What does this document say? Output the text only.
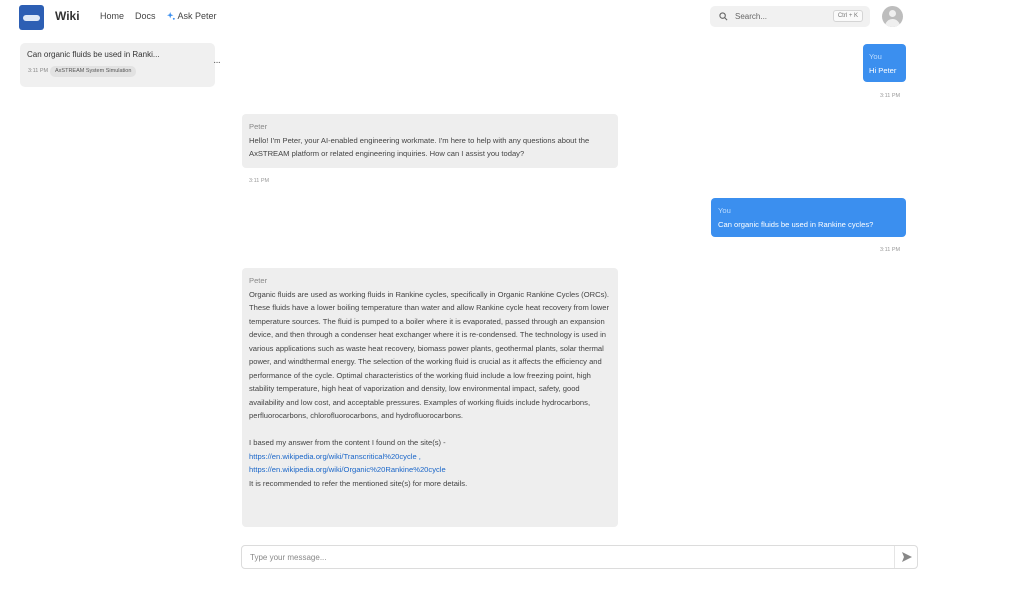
Wiki Home Docs Ask Peter	Search...	Ctrl + K
Can organic fluids be used in Ranki...
3:11 PM	AxSTREAM System Simulation
···
You
Hi Peter
3:11 PM
Peter
Hello! I'm Peter, your AI-enabled engineering workmate. I'm here to help with any questions about the AxSTREAM platform or related engineering inquiries. How can I assist you today?
3:11 PM
You
Can organic fluids be used in Rankine cycles?
3:11 PM
Peter
Organic fluids are used as working fluids in Rankine cycles, specifically in Organic Rankine Cycles (ORCs). These fluids have a lower boiling temperature than water and allow Rankine cycle heat recovery from lower temperature sources. The fluid is pumped to a boiler where it is evaporated, passed through an expansion device, and then through a condenser heat exchanger where it is re-condensed. The technology is used in various applications such as waste heat recovery, biomass power plants, geothermal plants, solar thermal power, and windthermal energy. The selection of the working fluid is crucial as it affects the efficiency and performance of the cycle. Optimal characteristics of the working fluid include a low freezing point, high stability temperature, high heat of vaporization and density, low environmental impact, safety, good availability and low cost, and acceptable pressures. Examples of working fluids include hydrocarbons, perfluorocarbons, chlorofluorocarbons, and hydrofluorocarbons.
I based my answer from the content I found on the site(s) -
https://en.wikipedia.org/wiki/Transcritical%20cycle ,
https://en.wikipedia.org/wiki/Organic%20Rankine%20cycle
It is recommended to refer the mentioned site(s) for more details.
Type your message...
